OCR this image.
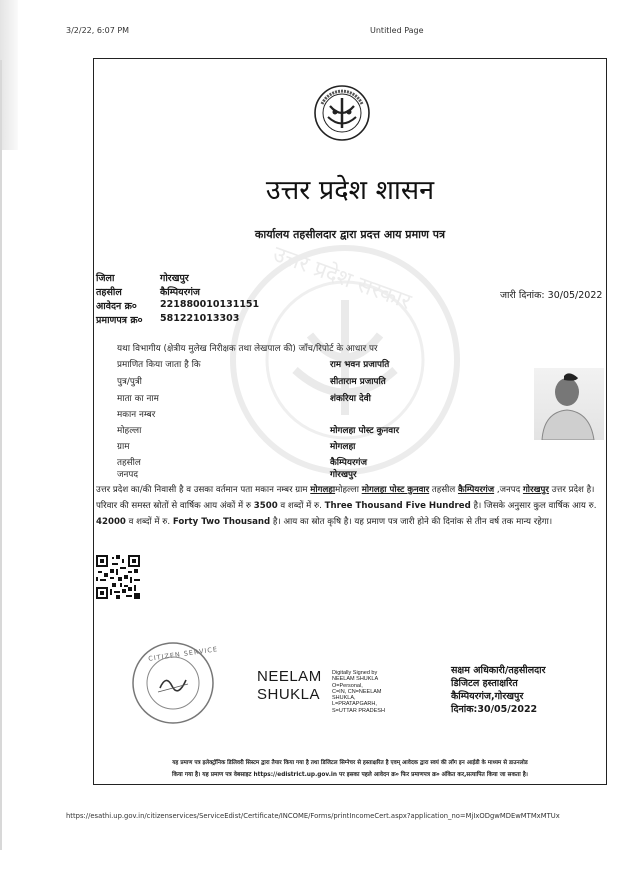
3/2/22, 6:07 PM	Untitled Page
उत्तर प्रदेश सरकार
उत्तर प्रदेश शासन
कार्यालय तहसीलदार द्वारा प्रदत्त आय प्रमाण पत्र
जिला	गोरखपुर
तहसील	कैम्पियरगंज
आवेदन क्र० 221880010131151
प्रमाणपत्र क्र० 581221013303
जारी दिनांक: 30/05/2022
यथा विभागीय (क्षेत्रीय मुलेख निरीक्षक तथा लेखपाल की) जाँच/रिपोर्ट के आधार पर
प्रमाणित किया जाता है कि	राम भवन प्रजापति
पुत्र/पुत्री	सीताराम प्रजापति
माता का नाम	शंकरिया देवी
मकान नम्बर
मोहल्ला	मोगलहा पोस्ट कुनवार
ग्राम	मोगलहा
तहसील	कैम्पियरगंज
जनपद	गोरखपुर
उत्तर प्रदेश का/की निवासी है व उसका वर्तमान पता मकान नम्बर ग्राम मोगलहामोहल्ला मोगलहा पोस्ट कुनवार तहसील कैम्पियरगंज ,जनपद गोरखपुर उत्तर प्रदेश है। परिवार की समस्त स्रोतों से वार्षिक आय अंकों में रु 3500 व शब्दों में रु. Three Thousand Five Hundred है। जिसके अनुसार कुल वार्षिक आय रु. 42000 व शब्दों में रु. Forty Two Thousand है। आय का स्रोत कृषि है। यह प्रमाण पत्र जारी होने की दिनांक से तीन वर्ष तक मान्य रहेगा।
CITIZEN SERVICE
NEELAM
SHUKLA
Digitally Signed by
NEELAM SHUKLA
O=Personal,
C=IN, CN=NEELAM
SHUKLA,
L=PRATAPGARH,
S=UTTAR PRADESH
सक्षम अधिकारी/तहसीलदार
डिजिटल हस्ताक्षरित
कैम्पियरगंज,गोरखपुर
दिनांक:30/05/2022
यह प्रमाण पत्र इलेक्ट्रॉनिक डिलिवरी सिस्टम द्वारा तैयार किया गया है तथा डिजिटल सिग्नेचर से हस्ताक्षरित है एवम् आवेदक द्वारा स्वयं की लॉग इन आईडी के माध्यम से डाउनलोड
किया गया है। यह प्रमाण पत्र वेबसाइट https://edistrict.up.gov.in पर इसका पहले आवेदन क्र० फिर प्रमाणपत्र क्र० अंकित कर,सत्यापित किया जा सकता है।
https://esathi.up.gov.in/citizenservices/ServiceEdist/Certificate/INCOME/Forms/printIncomeCert.aspx?application_no=MjIxODgwMDEwMTMxMTUx
